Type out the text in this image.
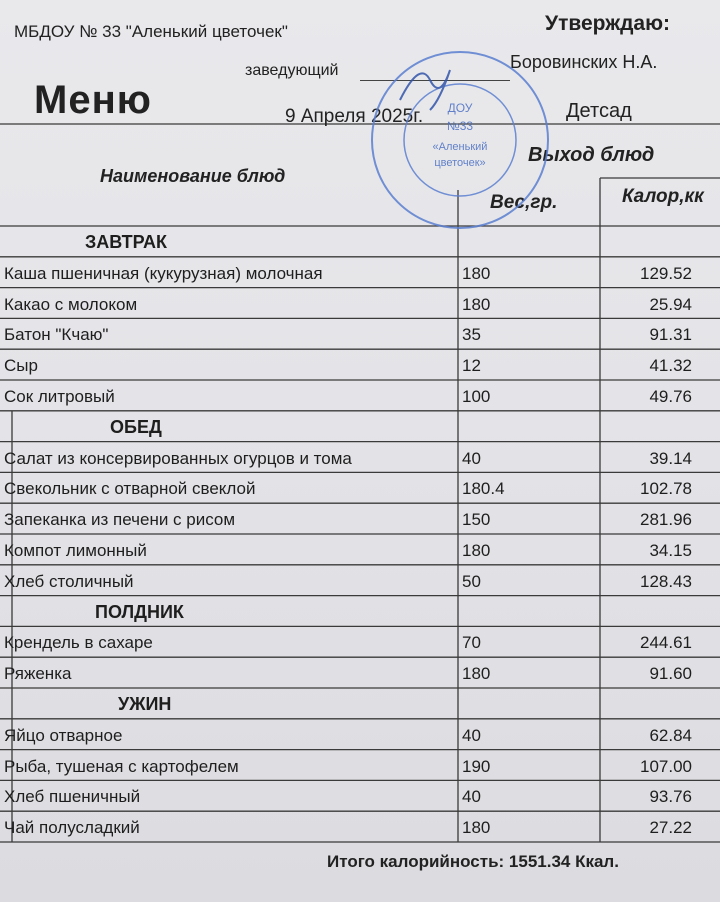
МБДОУ № 33 "Аленький цветочек"	Утверждаю:
заведующий	Боровинских Н.А.
Меню	9 Апреля 2025г.	Детсад
Наименование блюд
Выход блюд
Вес,гр.	Калор,кк
ЗАВТРАК
Каша пшеничная (кукурузная) молочная	180	129.52
Какао с молоком	180	25.94
Батон "Кчаю"	35	91.31
Сыр	12	41.32
Сок литровый	100	49.76
ОБЕД
Салат из консервированных огурцов и тома	40	39.14
Свекольник с отварной свеклой	180.4	102.78
Запеканка из печени с рисом	150	281.96
Компот лимонный	180	34.15
Хлеб столичный	50	128.43
ПОЛДНИК
Крендель в сахаре	70	244.61
Ряженка	180	91.60
УЖИН
Яйцо отварное	40	62.84
Рыба, тушеная с картофелем	190	107.00
Хлеб пшеничный	40	93.76
Чай полусладкий	180	27.22
Итого калорийность: 1551.34 Ккал.
ДОУ
№33
«Аленький
цветочек»
